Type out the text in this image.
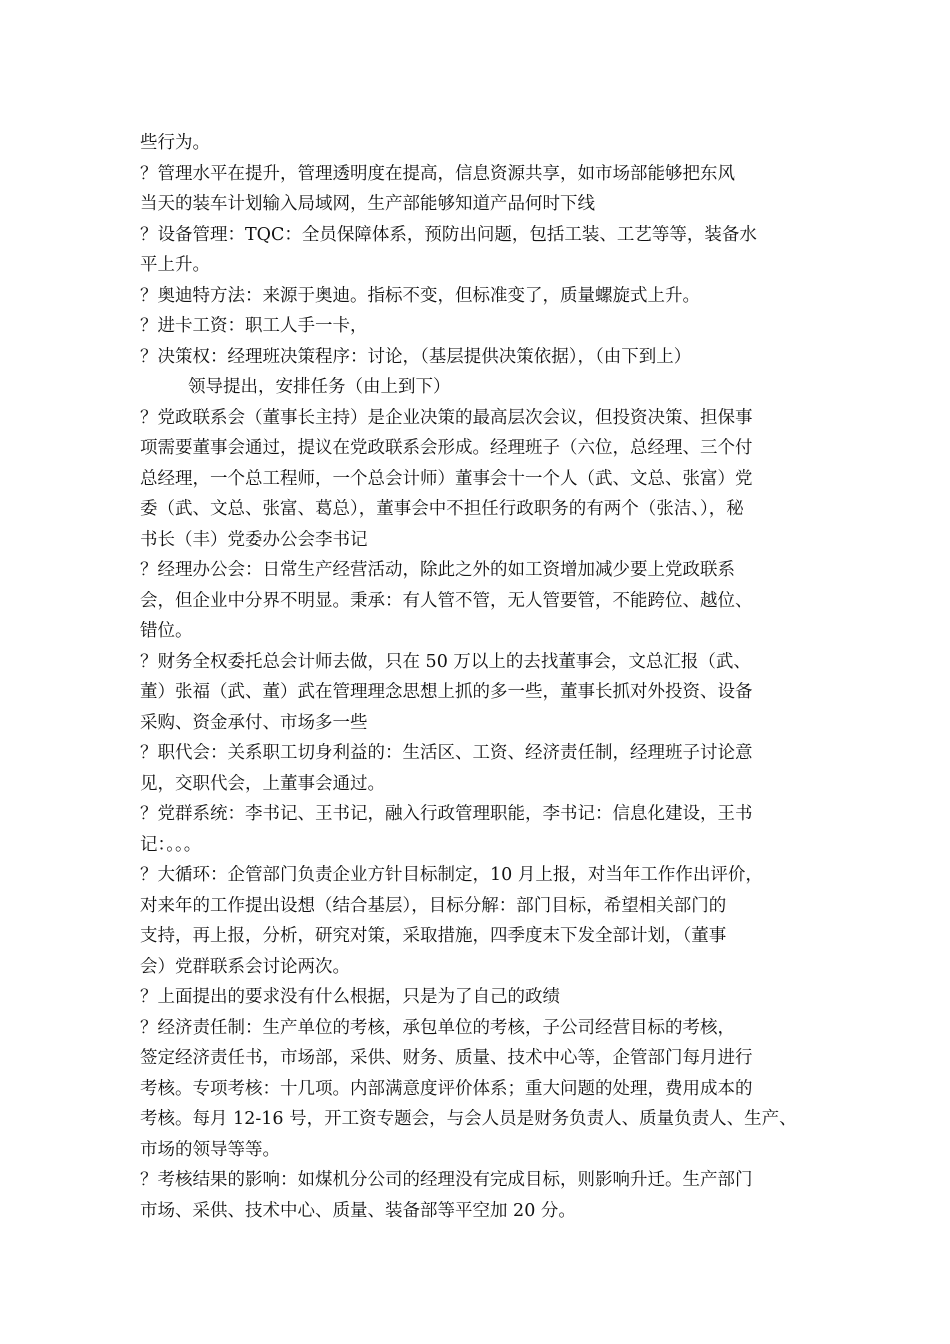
些行为。
？管理水平在提升，管理透明度在提高，信息资源共享，如市场部能够把东风
当天的装车计划输入局域网，生产部能够知道产品何时下线
？设备管理：TQC：全员保障体系，预防出问题，包括工装、工艺等等，装备水
平上升。
？奥迪特方法：来源于奥迪。指标不变，但标准变了，质量螺旋式上升。
？进卡工资：职工人手一卡，
？决策权：经理班决策程序：讨论，（基层提供决策依据），（由下到上）
领导提出，安排任务（由上到下）
？党政联系会（董事长主持）是企业决策的最高层次会议，但投资决策、担保事
项需要董事会通过，提议在党政联系会形成。经理班子（六位，总经理、三个付
总经理，一个总工程师，一个总会计师）董事会十一个人（武、文总、张富）党
委（武、文总、张富、葛总），董事会中不担任行政职务的有两个（张洁、），秘
书长（丰）党委办公会李书记
？经理办公会：日常生产经营活动，除此之外的如工资增加减少要上党政联系
会，但企业中分界不明显。秉承：有人管不管，无人管要管，不能跨位、越位、
错位。
？财务全权委托总会计师去做，只在 50 万以上的去找董事会，文总汇报（武、
董）张福（武、董）武在管理理念思想上抓的多一些，董事长抓对外投资、设备
采购、资金承付、市场多一些
？职代会：关系职工切身利益的：生活区、工资、经济责任制，经理班子讨论意
见，交职代会，上董事会通过。
？党群系统：李书记、王书记，融入行政管理职能，李书记：信息化建设，王书
记：。。。
？大循环：企管部门负责企业方针目标制定，10 月上报，对当年工作作出评价，
对来年的工作提出设想（结合基层），目标分解：部门目标，希望相关部门的
支持，再上报，分析，研究对策，采取措施，四季度末下发全部计划，（董事
会）党群联系会讨论两次。
？上面提出的要求没有什么根据，只是为了自己的政绩
？经济责任制：生产单位的考核，承包单位的考核，子公司经营目标的考核，
签定经济责任书，市场部，采供、财务、质量、技术中心等，企管部门每月进行
考核。专项考核：十几项。内部满意度评价体系；重大问题的处理，费用成本的
考核。每月 12-16 号，开工资专题会，与会人员是财务负责人、质量负责人、生产、
市场的领导等等。
？考核结果的影响：如煤机分公司的经理没有完成目标，则影响升迁。生产部门
市场、采供、技术中心、质量、装备部等平空加 20 分。
